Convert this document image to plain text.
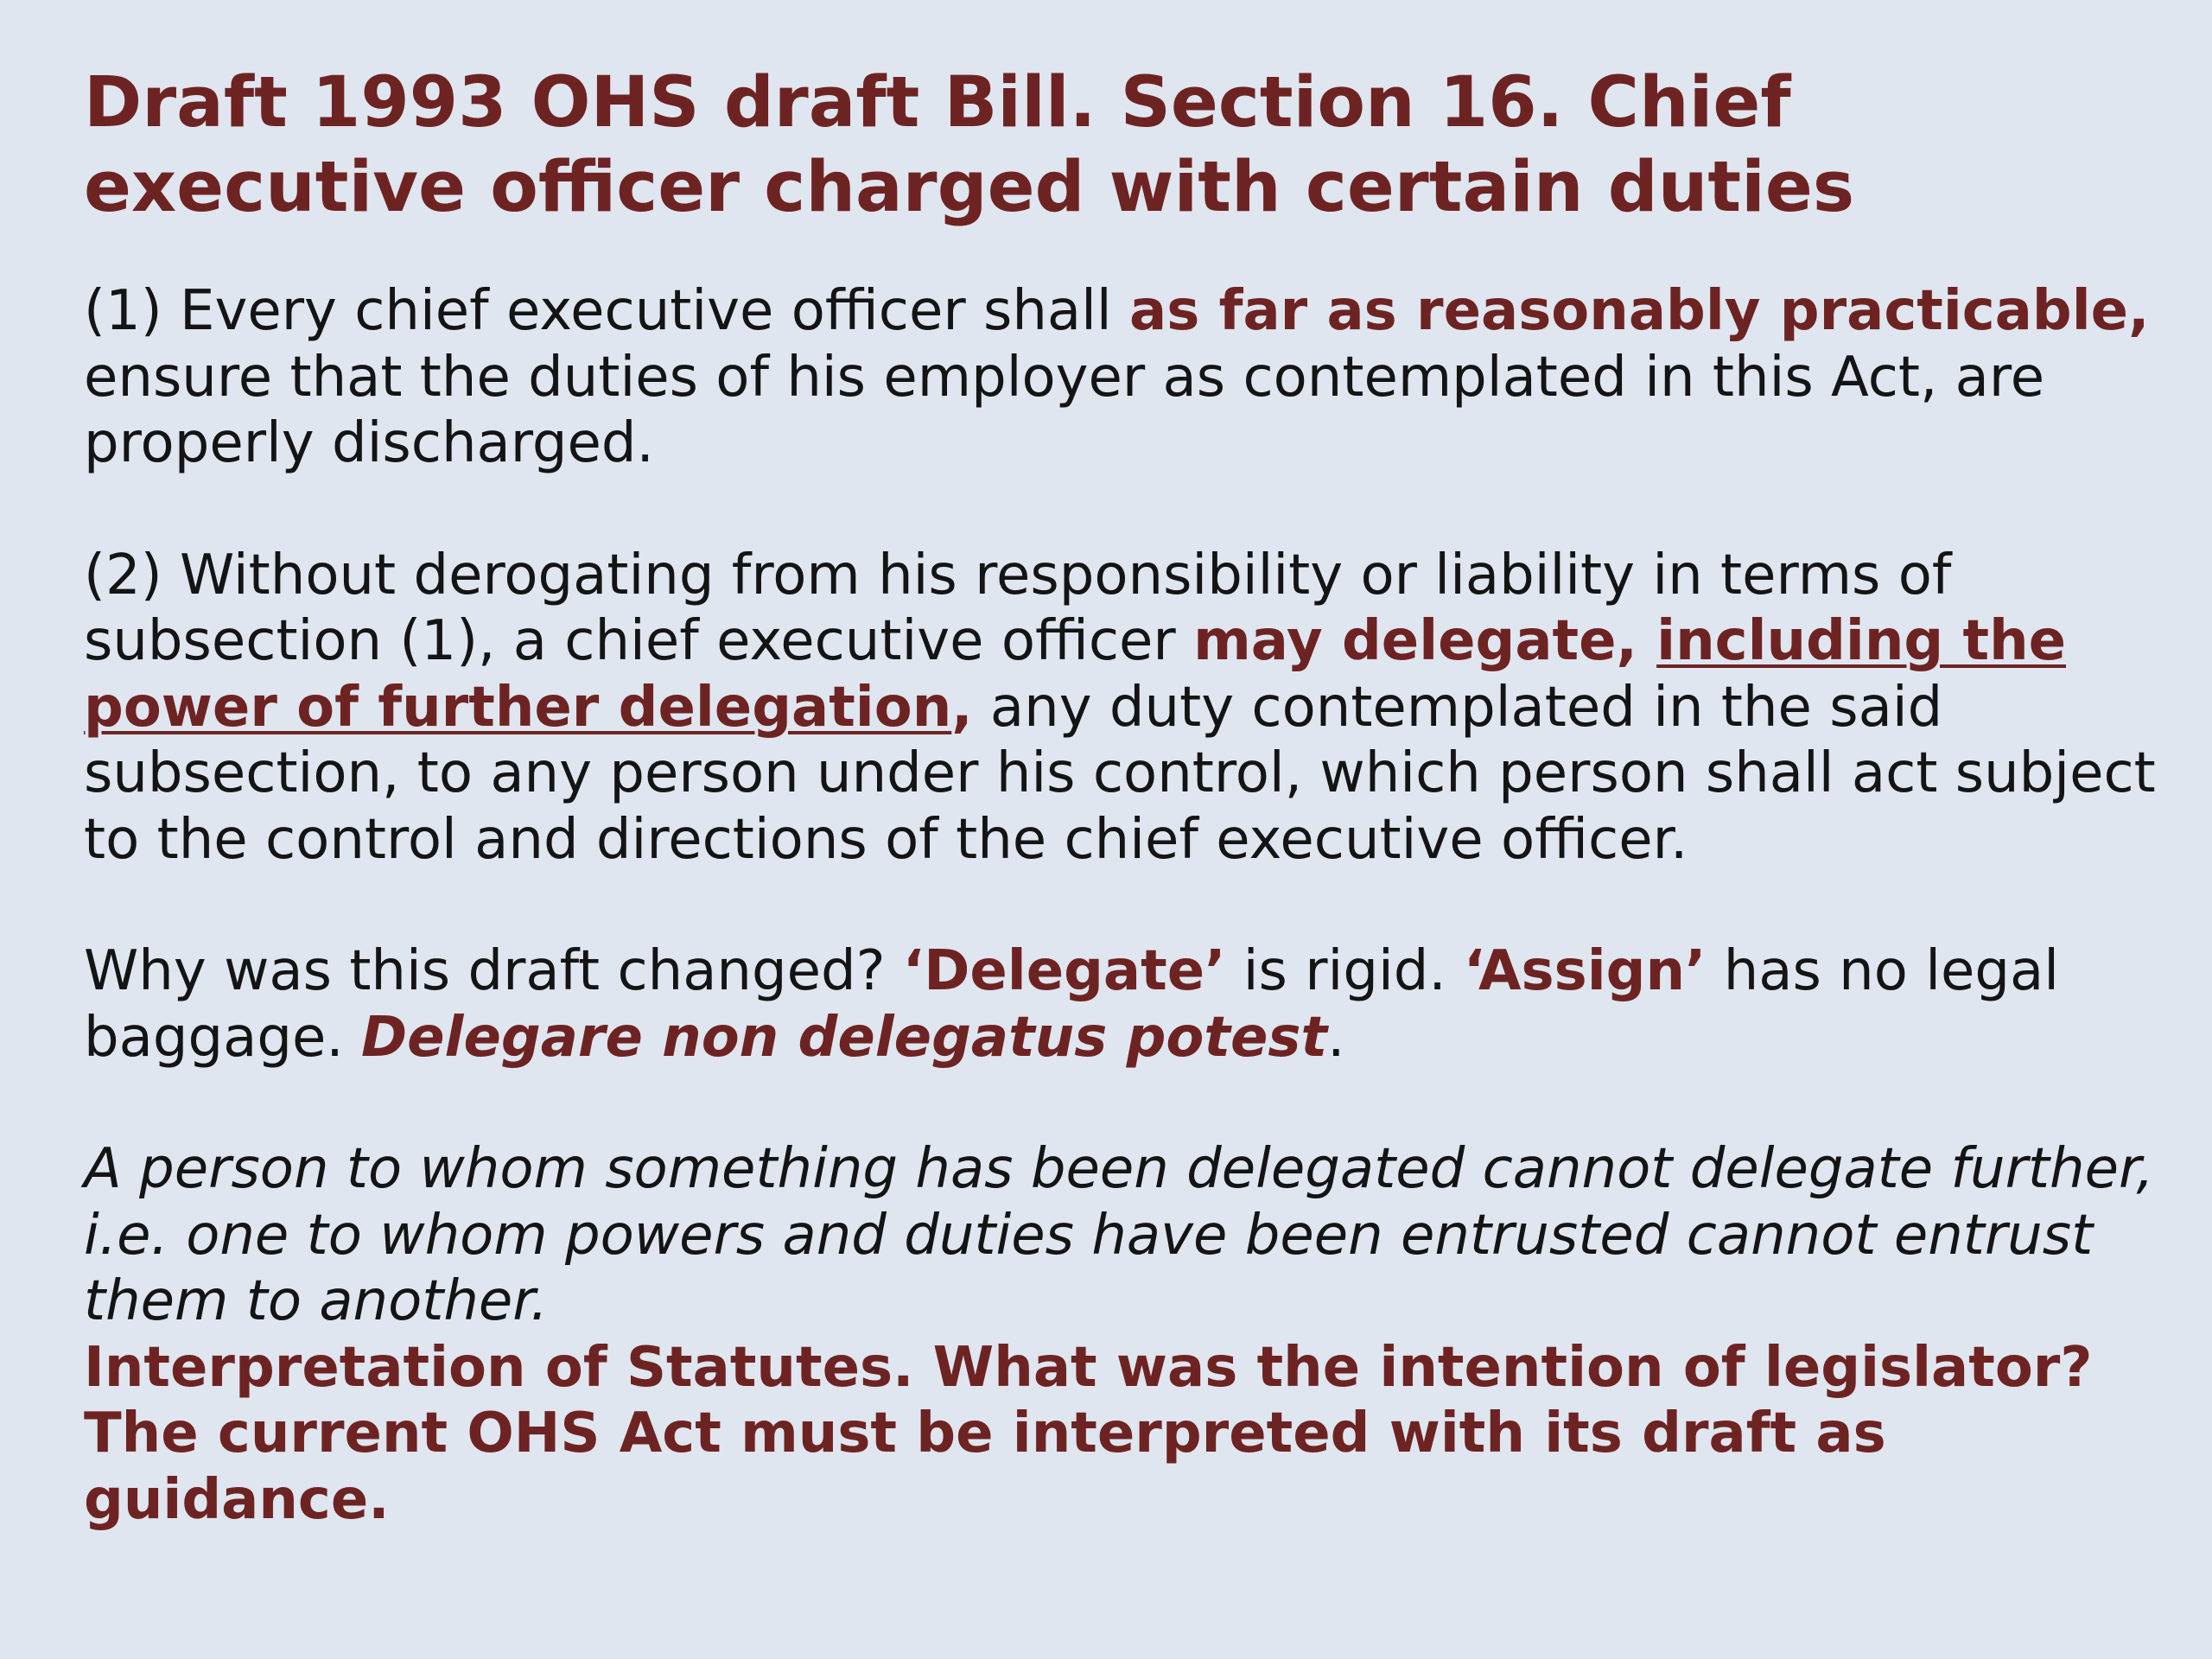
Draft 1993 OHS draft Bill. Section 16. Chief executive officer charged with certain duties

(1) Every chief executive officer shall as far as reasonably practicable, ensure that the duties of his employer as contemplated in this Act, are properly discharged.

(2) Without derogating from his responsibility or liability in terms of subsection (1), a chief executive officer may delegate, including the power of further delegation, any duty contemplated in the said subsection, to any person under his control, which person shall act subject to the control and directions of the chief executive officer.

Why was this draft changed? ‘Delegate’ is rigid. ‘Assign’ has no legal baggage. Delegare non delegatus potest.

A person to whom something has been delegated cannot delegate further, i.e. one to whom powers and duties have been entrusted cannot entrust them to another.

Interpretation of Statutes. What was the intention of legislator? The current OHS Act must be interpreted with its draft as guidance.
